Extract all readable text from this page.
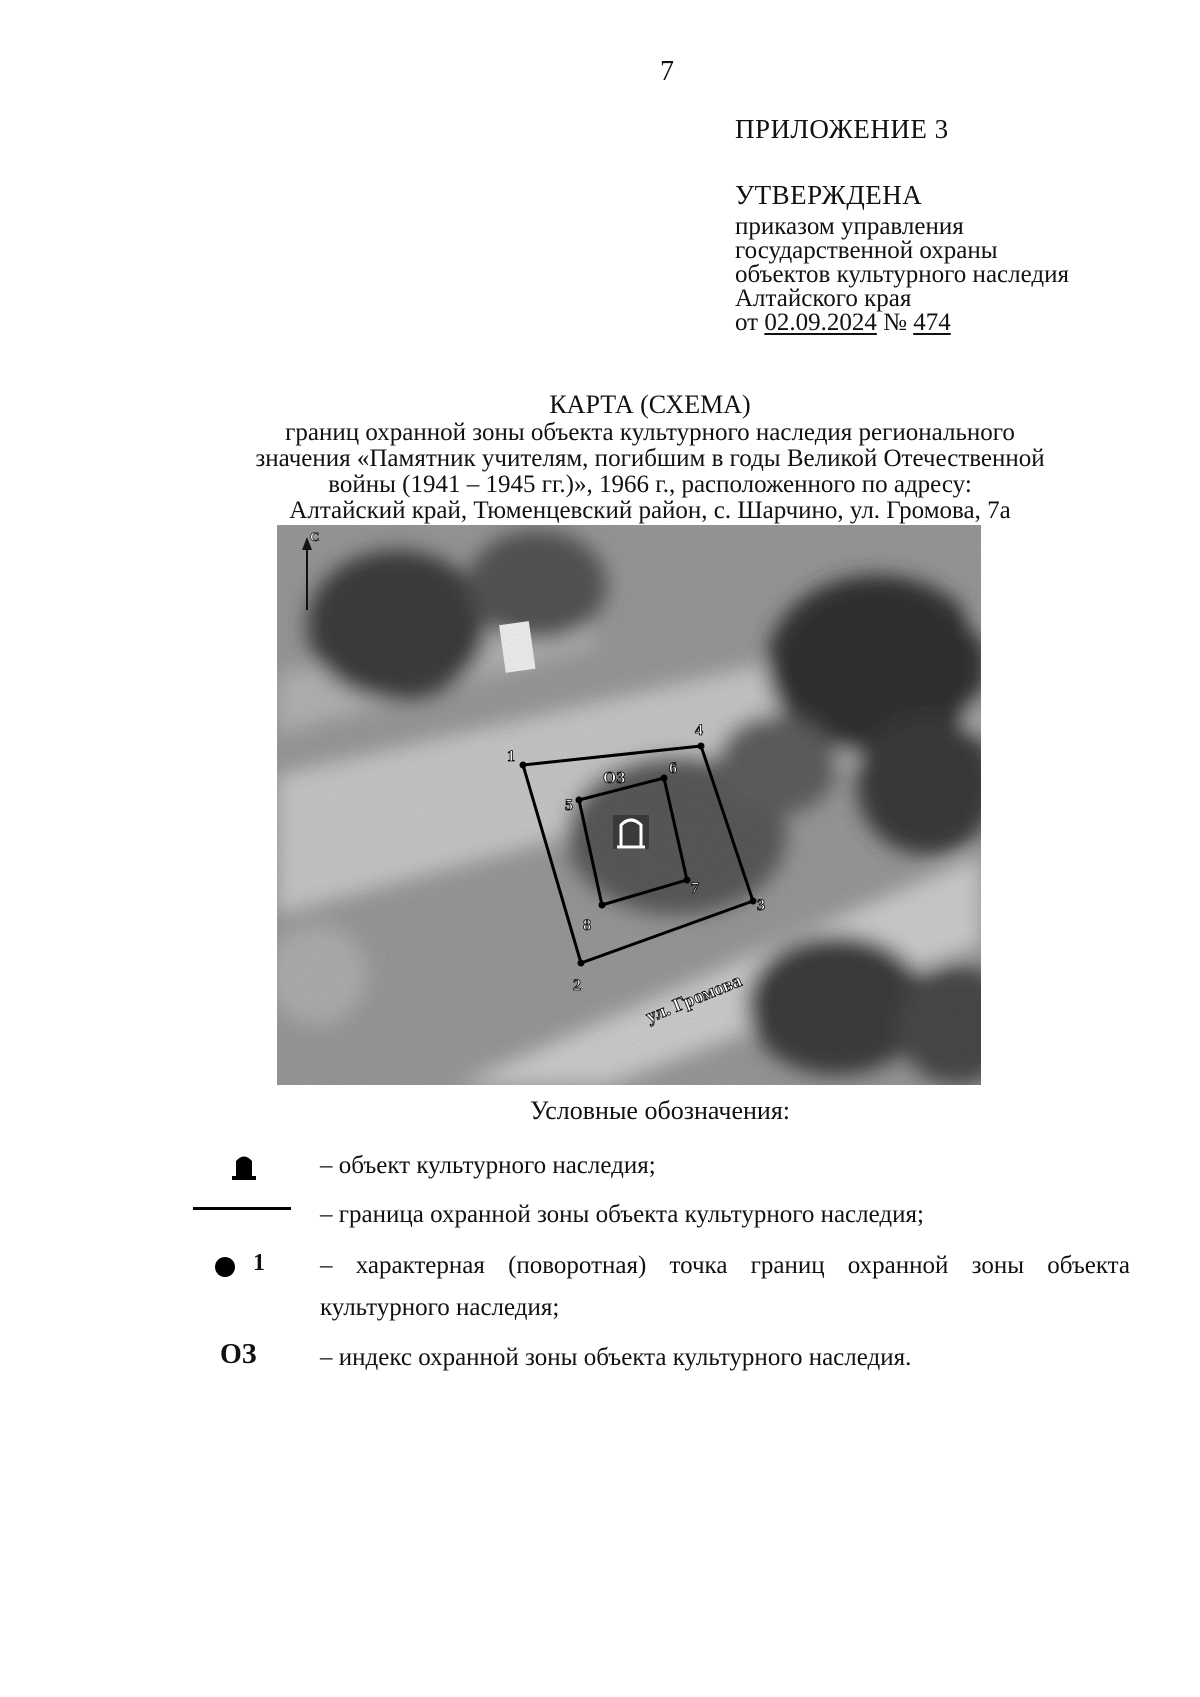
7
ПРИЛОЖЕНИЕ 3
УТВЕРЖДЕНА
приказом управления
государственной охраны
объектов культурного наследия
Алтайского края
от 02.09.2024 № 474
КАРТА (СХЕМА)
границ охранной зоны объекта культурного наследия регионального
значения «Памятник учителям, погибшим в годы Великой Отечественной
войны (1941 – 1945 гг.)», 1966 г., расположенного по адресу:
Алтайский край, Тюменцевский район, с. Шарчино, ул. Громова, 7а
С
1
2
3
4
5
6
7
8
ОЗ
ул. Громова
Условные обозначения:
– объект культурного наследия;
– граница охранной зоны объекта культурного наследия;
1 – характерная (поворотная) точка границ охранной зоны объекта
культурного наследия;
ОЗ	– индекс охранной зоны объекта культурного наследия.
